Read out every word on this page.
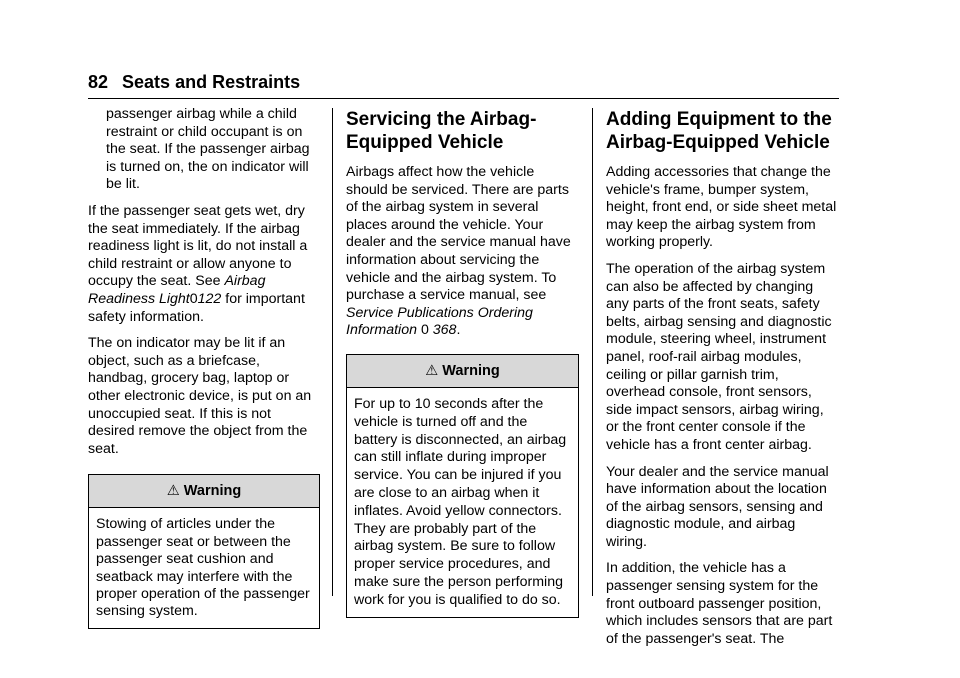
82 Seats and Restraints

passenger airbag while a child restraint or child occupant is on the seat. If the passenger airbag is turned on, the on indicator will be lit.

If the passenger seat gets wet, dry the seat immediately. If the airbag readiness light is lit, do not install a child restraint or allow anyone to occupy the seat. See Airbag Readiness Light0122 for important safety information.

The on indicator may be lit if an object, such as a briefcase, handbag, grocery bag, laptop or other electronic device, is put on an unoccupied seat. If this is not desired remove the object from the seat.

⚠ Warning

Stowing of articles under the passenger seat or between the passenger seat cushion and seatback may interfere with the proper operation of the passenger sensing system.

Servicing the Airbag-Equipped Vehicle

Airbags affect how the vehicle should be serviced. There are parts of the airbag system in several places around the vehicle. Your dealer and the service manual have information about servicing the vehicle and the airbag system. To purchase a service manual, see Service Publications Ordering Information 0 368.

⚠ Warning

For up to 10 seconds after the vehicle is turned off and the battery is disconnected, an airbag can still inflate during improper service. You can be injured if you are close to an airbag when it inflates. Avoid yellow connectors. They are probably part of the airbag system. Be sure to follow proper service procedures, and make sure the person performing work for you is qualified to do so.

Adding Equipment to the Airbag-Equipped Vehicle

Adding accessories that change the vehicle's frame, bumper system, height, front end, or side sheet metal may keep the airbag system from working properly.

The operation of the airbag system can also be affected by changing any parts of the front seats, safety belts, airbag sensing and diagnostic module, steering wheel, instrument panel, roof-rail airbag modules, ceiling or pillar garnish trim, overhead console, front sensors, side impact sensors, airbag wiring, or the front center console if the vehicle has a front center airbag.

Your dealer and the service manual have information about the location of the airbag sensors, sensing and diagnostic module, and airbag wiring.

In addition, the vehicle has a passenger sensing system for the front outboard passenger position, which includes sensors that are part of the passenger's seat. The
